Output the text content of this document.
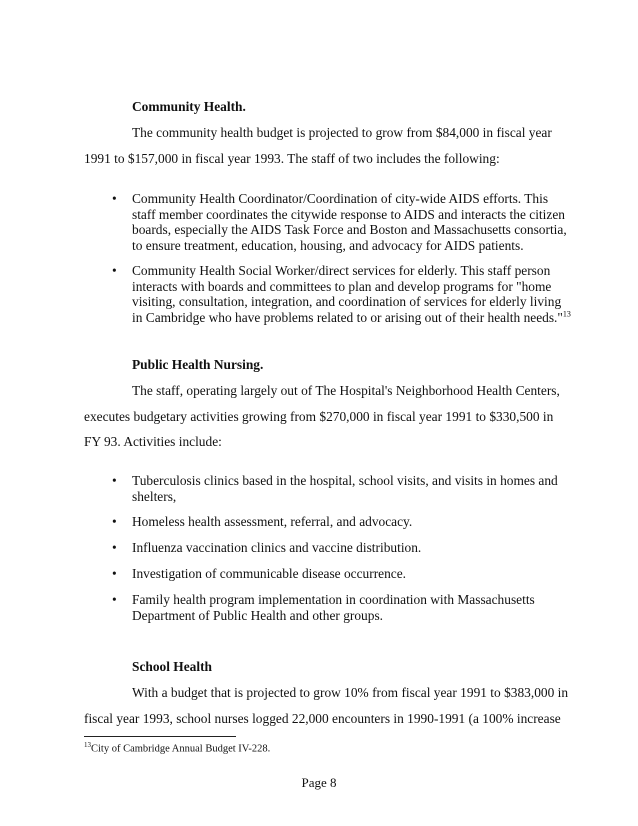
Community Health.
The community health budget is projected to grow from $84,000 in fiscal year
1991 to $157,000 in fiscal year 1993. The staff of two includes the following:
• Community Health Coordinator/Coordination of city-wide AIDS efforts. This
staff member coordinates the citywide response to AIDS and interacts the citizen
boards, especially the AIDS Task Force and Boston and Massachusetts consortia,
to ensure treatment, education, housing, and advocacy for AIDS patients.
• Community Health Social Worker/direct services for elderly. This staff person
interacts with boards and committees to plan and develop programs for "home
visiting, consultation, integration, and coordination of services for elderly living
in Cambridge who have problems related to or arising out of their health needs."$^{13}$
Public Health Nursing.
The staff, operating largely out of The Hospital's Neighborhood Health Centers,
executes budgetary activities growing from $270,000 in fiscal year 1991 to $330,500 in
FY 93. Activities include:
• Tuberculosis clinics based in the hospital, school visits, and visits in homes and
shelters,
• Homeless health assessment, referral, and advocacy.
• Influenza vaccination clinics and vaccine distribution.
• Investigation of communicable disease occurrence.
• Family health program implementation in coordination with Massachusetts
Department of Public Health and other groups.
School Health
With a budget that is projected to grow 10% from fiscal year 1991 to $383,000 in
fiscal year 1993, school nurses logged 22,000 encounters in 1990-1991 (a 100% increase
$^{13}$City of Cambridge Annual Budget IV-228.
Page 8
